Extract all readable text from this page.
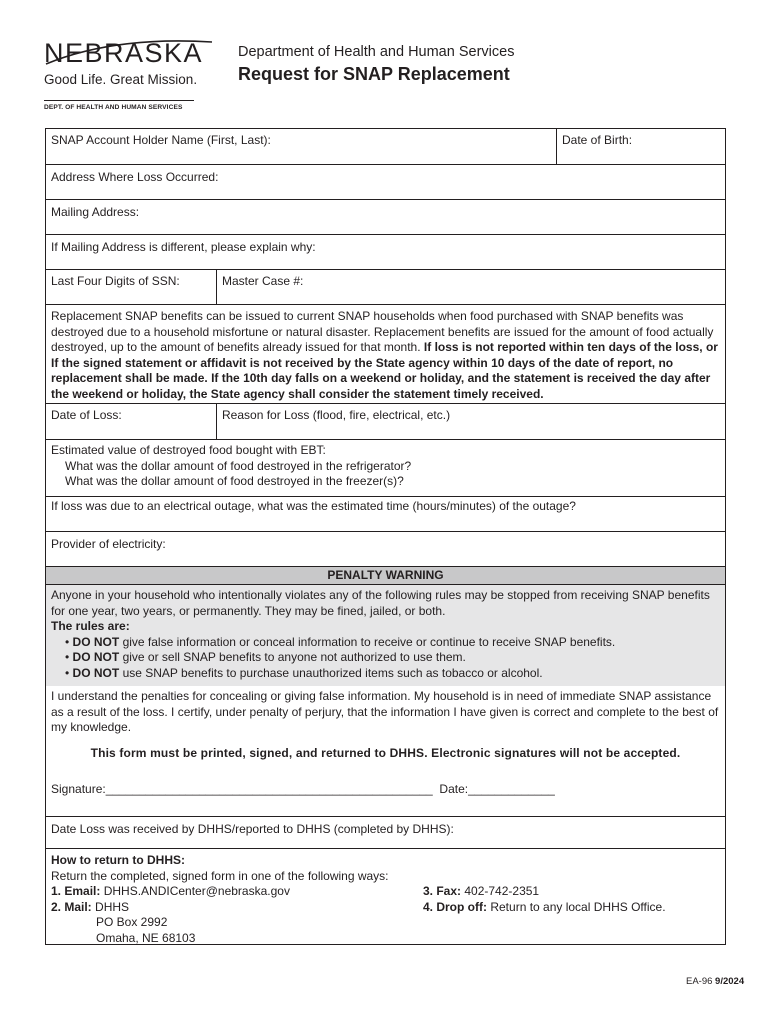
NEBRASKA
Good Life. Great Mission.
DEPT. OF HEALTH AND HUMAN SERVICES
Department of Health and Human Services
Request for SNAP Replacement
SNAP Account Holder Name (First, Last):	Date of Birth:
Address Where Loss Occurred:
Mailing Address:
If Mailing Address is different, please explain why:
Last Four Digits of SSN:	Master Case #:
Replacement SNAP benefits can be issued to current SNAP households when food purchased with SNAP benefits was destroyed due to a household misfortune or natural disaster. Replacement benefits are issued for the amount of food actually destroyed, up to the amount of benefits already issued for that month. If loss is not reported within ten days of the loss, or If the signed statement or affidavit is not received by the State agency within 10 days of the date of report, no replacement shall be made. If the 10th day falls on a weekend or holiday, and the statement is received the day after the weekend or holiday, the State agency shall consider the statement timely received.
Date of Loss:	Reason for Loss (flood, fire, electrical, etc.)
Estimated value of destroyed food bought with EBT:
What was the dollar amount of food destroyed in the refrigerator?
What was the dollar amount of food destroyed in the freezer(s)?
If loss was due to an electrical outage, what was the estimated time (hours/minutes) of the outage?
Provider of electricity:
PENALTY WARNING
Anyone in your household who intentionally violates any of the following rules may be stopped from receiving SNAP benefits for one year, two years, or permanently. They may be fined, jailed, or both.
The rules are:
• DO NOT give false information or conceal information to receive or continue to receive SNAP benefits.
• DO NOT give or sell SNAP benefits to anyone not authorized to use them.
• DO NOT use SNAP benefits to purchase unauthorized items such as tobacco or alcohol.
I understand the penalties for concealing or giving false information. My household is in need of immediate SNAP assistance as a result of the loss. I certify, under penalty of perjury, that the information I have given is correct and complete to the best of my knowledge.
This form must be printed, signed, and returned to DHHS. Electronic signatures will not be accepted.
Signature:_________________________________________________ Date:_____________
Date Loss was received by DHHS/reported to DHHS (completed by DHHS):
How to return to DHHS:
Return the completed, signed form in one of the following ways:
1. Email: DHHS.ANDICenter@nebraska.gov
2. Mail: DHHS
PO Box 2992
Omaha, NE 68103
3. Fax: 402-742-2351
4. Drop off: Return to any local DHHS Office.
EA-96 9/2024
